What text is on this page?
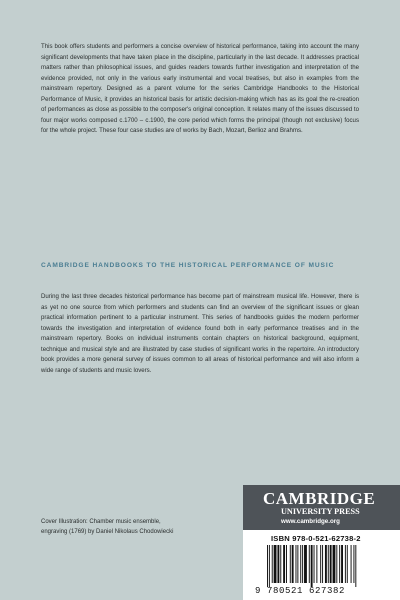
This book offers students and performers a concise overview of historical performance, taking into account the many significant developments that have taken place in the discipline, particularly in the last decade. It addresses practical matters rather than philosophical issues, and guides readers towards further investigation and interpretation of the evidence provided, not only in the various early instrumental and vocal treatises, but also in examples from the mainstream repertory. Designed as a parent volume for the series Cambridge Handbooks to the Historical Performance of Music, it provides an historical basis for artistic decision-making which has as its goal the re-creation of performances as close as possible to the composer's original conception. It relates many of the issues discussed to four major works composed c.1700 – c.1900, the core period which forms the principal (though not exclusive) focus for the whole project. These four case studies are of works by Bach, Mozart, Berlioz and Brahms.

CAMBRIDGE HANDBOOKS TO THE HISTORICAL PERFORMANCE OF MUSIC

During the last three decades historical performance has become part of mainstream musical life. However, there is as yet no one source from which performers and students can find an overview of the significant issues or glean practical information pertinent to a particular instrument. This series of handbooks guides the modern performer towards the investigation and interpretation of evidence found both in early performance treatises and in the mainstream repertory. Books on individual instruments contain chapters on historical background, equipment, technique and musical style and are illustrated by case studies of significant works in the repertoire. An introductory book provides a more general survey of issues common to all areas of historical performance and will also inform a wide range of students and music lovers.

Cover Illustration: Chamber music ensemble,
engraving (1769) by Daniel Nikolaus Chodowiecki
CAMBRIDGE
UNIVERSITY PRESS
www.cambridge.org
ISBN 978-0-521-62738-2
9 780521 627382
